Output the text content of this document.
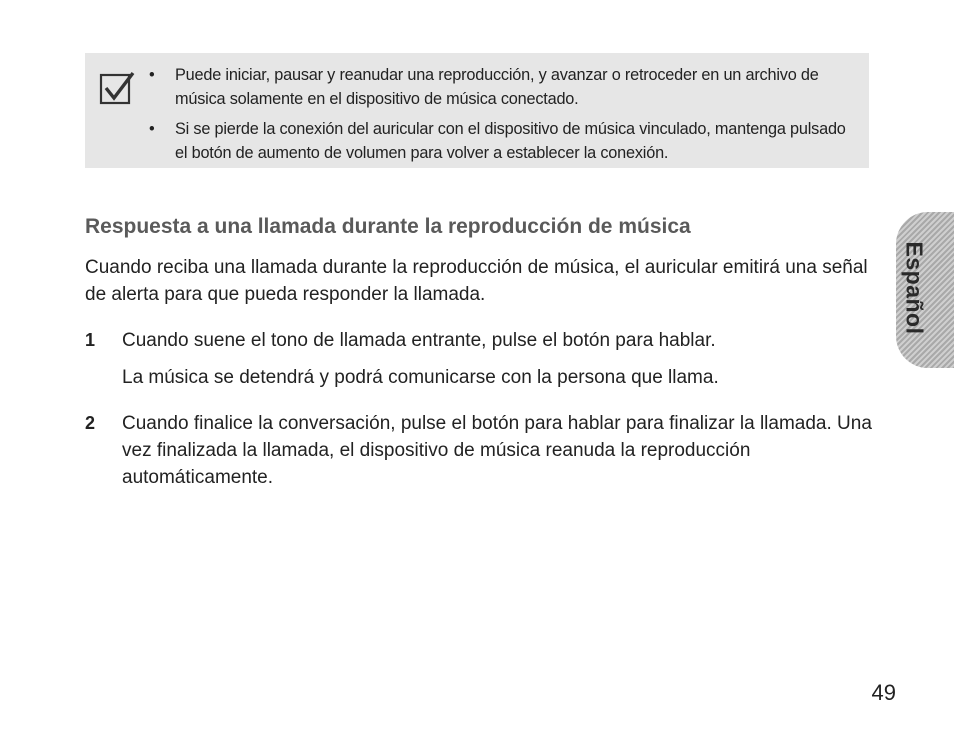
• Puede iniciar, pausar y reanudar una reproducción, y avanzar o retroceder en un archivo de música solamente en el dispositivo de música conectado.
• Si se pierde la conexión del auricular con el dispositivo de música vinculado, mantenga pulsado el botón de aumento de volumen para volver a establecer la conexión.
Respuesta a una llamada durante la reproducción de música

Cuando reciba una llamada durante la reproducción de música, el auricular emitirá una señal de alerta para que pueda responder la llamada.

1 Cuando suene el tono de llamada entrante, pulse el botón para hablar.

La música se detendrá y podrá comunicarse con la persona que llama.

2 Cuando finalice la conversación, pulse el botón para hablar para finalizar la llamada. Una vez finalizada la llamada, el dispositivo de música reanuda la reproducción automáticamente.

Español
49
